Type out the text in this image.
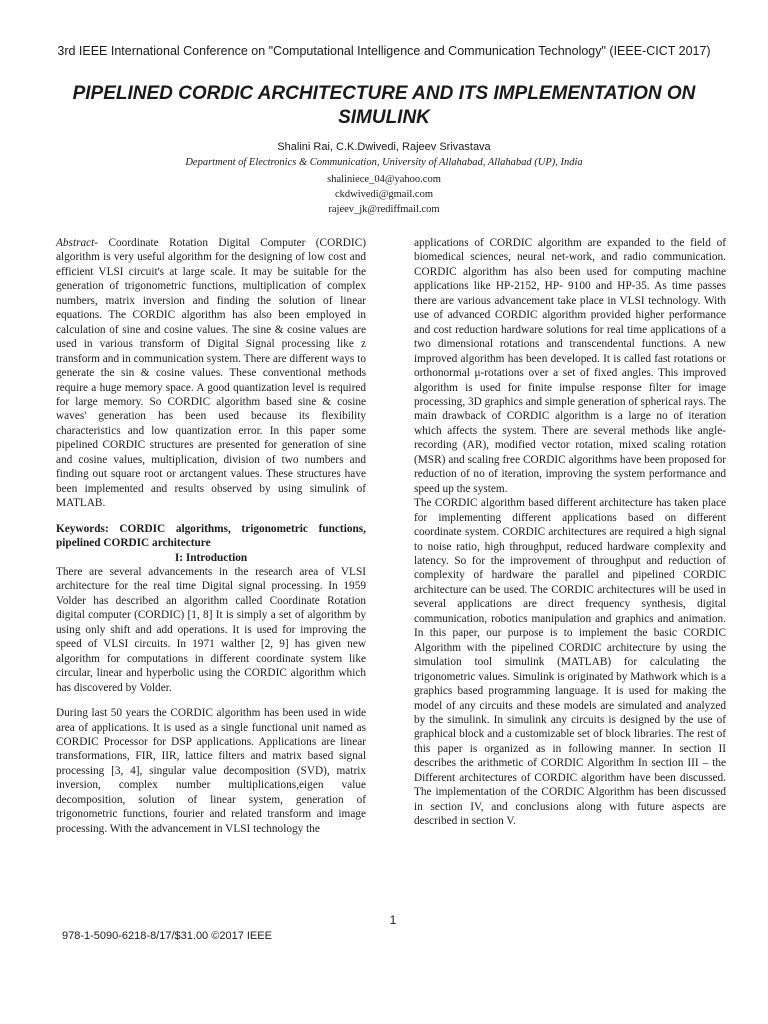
3rd IEEE International Conference on "Computational Intelligence and Communication Technology" (IEEE-CICT 2017)
PIPELINED CORDIC ARCHITECTURE AND ITS IMPLEMENTATION ON SIMULINK
Shalini Rai, C.K.Dwivedi, Rajeev Srivastava
Department of Electronics & Communication, University of Allahabad, Allahabad (UP), India
shaliniece_04@yahoo.com
ckdwivedi@gmail.com
rajeev_jk@rediffmail.com

Abstract- Coordinate Rotation Digital Computer (CORDIC) algorithm is very useful algorithm for the designing of low cost and efficient VLSI circuit's at large scale. It may be suitable for the generation of trigonometric functions, multiplication of complex numbers, matrix inversion and finding the solution of linear equations. The CORDIC algorithm has also been employed in calculation of sine and cosine values. The sine & cosine values are used in various transform of Digital Signal processing like z transform and in communication system. There are different ways to generate the sin & cosine values. These conventional methods require a huge memory space. A good quantization level is required for large memory. So CORDIC algorithm based sine & cosine waves' generation has been used because its flexibility characteristics and low quantization error. In this paper some pipelined CORDIC structures are presented for generation of sine and cosine values, multiplication, division of two numbers and finding out square root or arctangent values. These structures have been implemented and results observed by using simulink of MATLAB.

Keywords: CORDIC algorithms, trigonometric functions, pipelined CORDIC architecture

I: Introduction

There are several advancements in the research area of VLSI architecture for the real time Digital signal processing. In 1959 Volder has described an algorithm called Coordinate Rotation digital computer (CORDIC) [1, 8] It is simply a set of algorithm by using only shift and add operations. It is used for improving the speed of VLSI circuits. In 1971 walther [2, 9] has given new algorithm for computations in different coordinate system like circular, linear and hyperbolic using the CORDIC algorithm which has discovered by Volder.

During last 50 years the CORDIC algorithm has been used in wide area of applications. It is used as a single functional unit named as CORDIC Processor for DSP applications. Applications are linear transformations, FIR, IIR, lattice filters and matrix based signal processing [3, 4], singular value decomposition (SVD), matrix inversion, complex number multiplications,eigen value decomposition, solution of linear system, generation of trigonometric functions, fourier and related transform and image processing. With the advancement in VLSI technology the

applications of CORDIC algorithm are expanded to the field of biomedical sciences, neural net-work, and radio communication. CORDIC algorithm has also been used for computing machine applications like HP-2152, HP- 9100 and HP-35. As time passes there are various advancement take place in VLSI technology. With use of advanced CORDIC algorithm provided higher performance and cost reduction hardware solutions for real time applications of a two dimensional rotations and transcendental functions. A new improved algorithm has been developed. It is called fast rotations or orthonormal μ-rotations over a set of fixed angles. This improved algorithm is used for finite impulse response filter for image processing, 3D graphics and simple generation of spherical rays. The main drawback of CORDIC algorithm is a large no of iteration which affects the system. There are several methods like angle-recording (AR), modified vector rotation, mixed scaling rotation (MSR) and scaling free CORDIC algorithms have been proposed for reduction of no of iteration, improving the system performance and speed up the system.

The CORDIC algorithm based different architecture has taken place for implementing different applications based on different coordinate system. CORDIC architectures are required a high signal to noise ratio, high throughput, reduced hardware complexity and latency. So for the improvement of throughput and reduction of complexity of hardware the parallel and pipelined CORDIC architecture can be used. The CORDIC architectures will be used in several applications are direct frequency synthesis, digital communication, robotics manipulation and graphics and animation. In this paper, our purpose is to implement the basic CORDIC Algorithm with the pipelined CORDIC architecture by using the simulation tool simulink (MATLAB) for calculating the trigonometric values. Simulink is originated by Mathwork which is a graphics based programming language. It is used for making the model of any circuits and these models are simulated and analyzed by the simulink. In simulink any circuits is designed by the use of graphical block and a customizable set of block libraries. The rest of this paper is organized as in following manner. In section II describes the arithmetic of CORDIC Algorithm In section III – the Different architectures of CORDIC algorithm have been discussed. The implementation of the CORDIC Algorithm has been discussed in section IV, and conclusions along with future aspects are described in section V.

1
978-1-5090-6218-8/17/$31.00 ©2017 IEEE
